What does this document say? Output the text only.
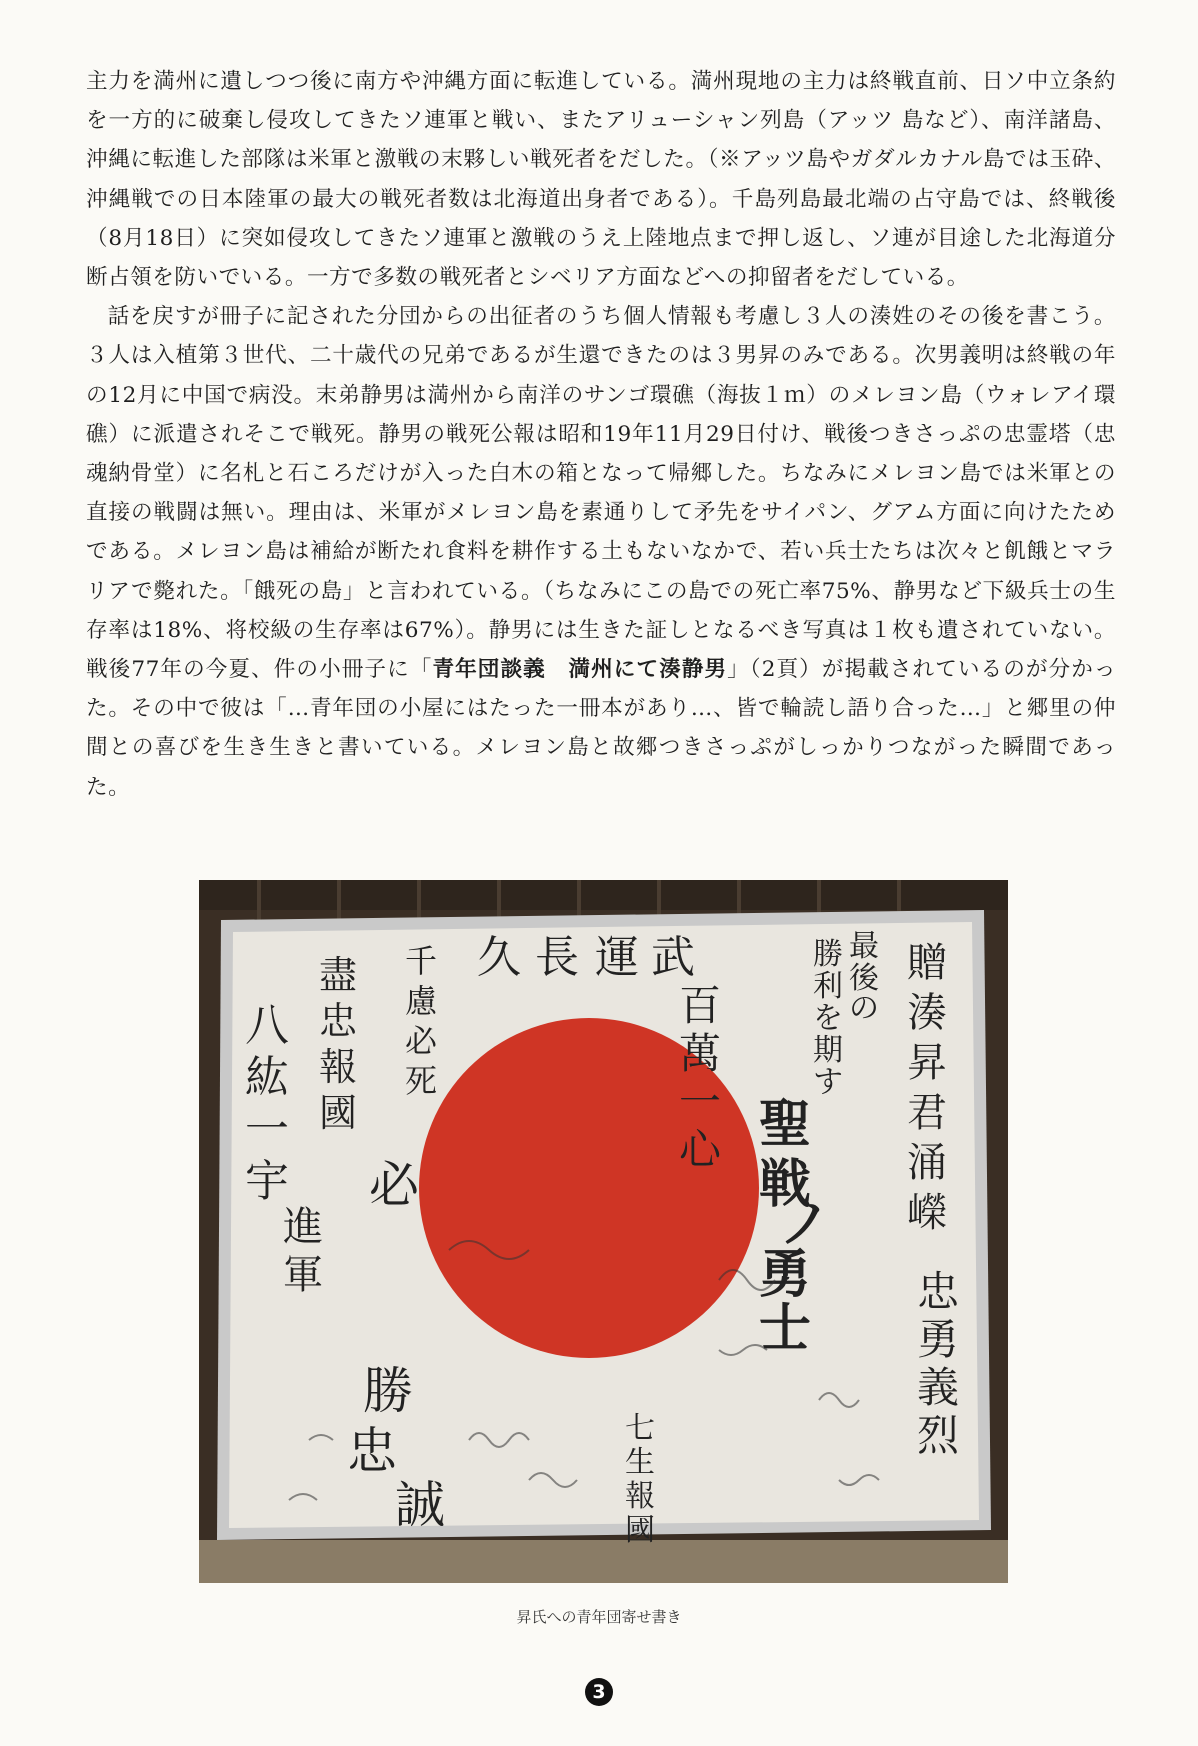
主力を満州に遺しつつ後に南方や沖縄方面に転進している。満州現地の主力は終戦直前、日ソ中立条約を一方的に破棄し侵攻してきたソ連軍と戦い、またアリューシャン列島（アッツ 島など）、南洋諸島、沖縄に転進した部隊は米軍と激戦の末夥しい戦死者をだした。（※アッツ島やガダルカナル島では玉砕、沖縄戦での日本陸軍の最大の戦死者数は北海道出身者である）。千島列島最北端の占守島では、終戦後（8月18日）に突如侵攻してきたソ連軍と激戦のうえ上陸地点まで押し返し、ソ連が目途した北海道分断占領を防いでいる。一方で多数の戦死者とシベリア方面などへの抑留者をだしている。

話を戻すが冊子に記された分団からの出征者のうち個人情報も考慮し３人の湊姓のその後を書こう。３人は入植第３世代、二十歳代の兄弟であるが生還できたのは３男昇のみである。次男義明は終戦の年の12月に中国で病没。末弟静男は満州から南洋のサンゴ環礁（海抜１ｍ）のメレヨン島（ウォレアイ環礁）に派遣されそこで戦死。静男の戦死公報は昭和19年11月29日付け、戦後つきさっぷの忠霊塔（忠魂納骨堂）に名札と石ころだけが入った白木の箱となって帰郷した。ちなみにメレヨン島では米軍との直接の戦闘は無い。理由は、米軍がメレヨン島を素通りして矛先をサイパン、グアム方面に向けたためである。メレヨン島は補給が断たれ食料を耕作する土もないなかで、若い兵士たちは次々と飢餓とマラリアで斃れた。「餓死の島」と言われている。（ちなみにこの島での死亡率75%、静男など下級兵士の生存率は18%、将校級の生存率は67%）。静男には生きた証しとなるべき写真は１枚も遺されていない。戦後77年の今夏、件の小冊子に「青年団談義　満州にて湊静男」（2頁）が掲載されているのが分かった。その中で彼は「…青年団の小屋にはたった一冊本があり…、皆で輪読し語り合った…」と郷里の仲間との喜びを生き生きと書いている。メレヨン島と故郷つきさっぷがしっかりつながった瞬間であった。

久 長 運 武	贈
湊
昇
君
涌
嶸
最
後
の
勝
利
を
期
す
聖
戦
ノ
勇
士
忠
勇
義
烈
百
萬
一
心
八
紘
一
宇
盡
忠
報
國
千
慮
必
死
進
軍
必
勝
忠
誠
七
生
報
國
昇氏への青年団寄せ書き
3
